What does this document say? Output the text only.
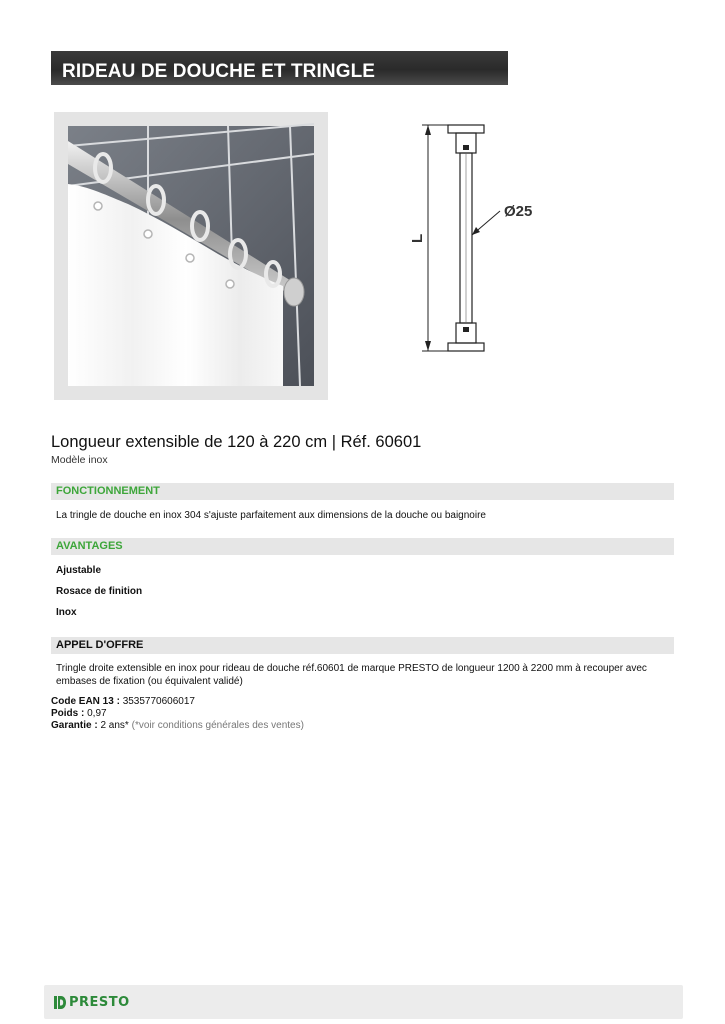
RIDEAU DE DOUCHE ET TRINGLE
L
Ø25
Longueur extensible de 120 à 220 cm | Réf. 60601
Modèle inox
FONCTIONNEMENT
La tringle de douche en inox 304 s'ajuste parfaitement aux dimensions de la douche ou baignoire
AVANTAGES
Ajustable
Rosace de finition
Inox
APPEL D'OFFRE
Tringle droite extensible en inox pour rideau de douche réf.60601 de marque PRESTO de longueur 1200 à 2200 mm à recouper avec embases de fixation (ou équivalent validé)
Code EAN 13 : 3535770606017
Poids : 0,97
Garantie : 2 ans* (*voir conditions générales des ventes)
PRESTO
